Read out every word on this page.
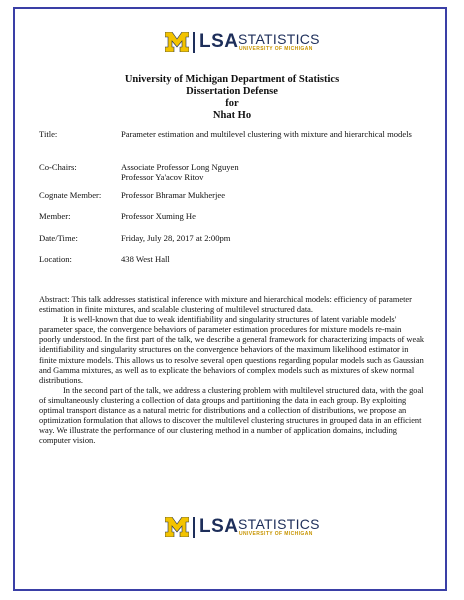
LSA STATISTICS
UNIVERSITY OF MICHIGAN
University of Michigan Department of Statistics
Dissertation Defense
for
Nhat Ho
Title:	Parameter estimation and multilevel clustering with mixture and hierarchical models
Co-Chairs:	Associate Professor Long Nguyen
Professor Ya'acov Ritov
Cognate Member: Professor Bhramar Mukherjee
Member:	Professor Xuming He
Date/Time:	Friday, July 28, 2017 at 2:00pm
Location:	438 West Hall

Abstract: This talk addresses statistical inference with mixture and hierarchical models: efficiency of parameter estimation in finite mixtures, and scalable clustering of multilevel structured data.

It is well-known that due to weak identifiability and singularity structures of latent variable models' parameter space, the convergence behaviors of parameter estimation procedures for mixture models re-main poorly understood. In the first part of the talk, we describe a general framework for characterizing impacts of weak identifiability and singularity structures on the convergence behaviors of the maximum likelihood estimator in finite mixture models. This allows us to resolve several open questions regarding popular models such as Gaussian and Gamma mixtures, as well as to explicate the behaviors of complex models such as mixtures of skew normal distributions.

In the second part of the talk, we address a clustering problem with multilevel structured data, with the goal of simultaneously clustering a collection of data groups and partitioning the data in each group. By exploiting optimal transport distance as a natural metric for distributions and a collection of distributions, we propose an optimization formulation that allows to discover the multilevel clustering structures in grouped data in an efficient way. We illustrate the performance of our clustering method in a number of application domains, including computer vision.

LSA STATISTICS
UNIVERSITY OF MICHIGAN
